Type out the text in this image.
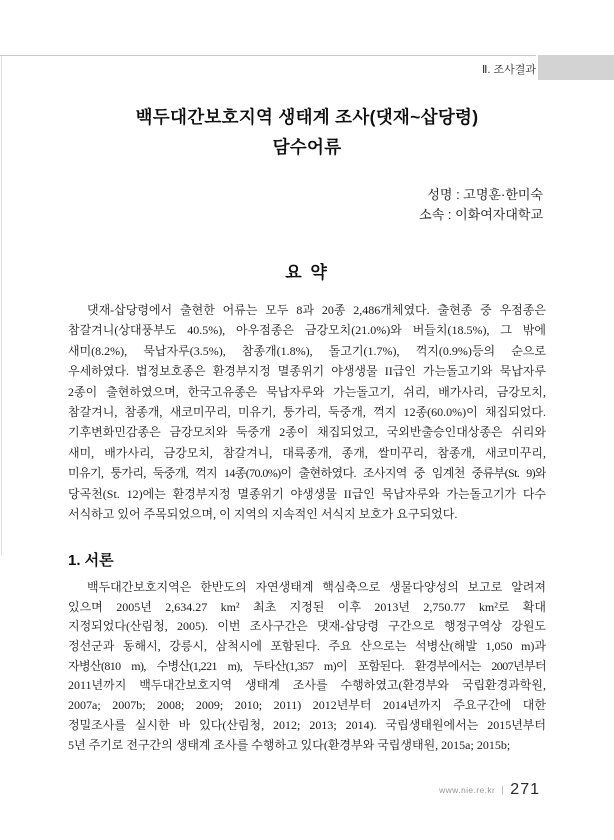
Ⅱ. 조사결과
백두대간보호지역 생태계 조사(댓재~삽당령)
담수어류
성명 : 고명훈·한미숙
소속 : 이화여자대학교
요 약
댓재-삽당령에서 출현한 어류는 모두 8과 20종 2,486개체였다. 출현종 중 우점종은
참갈겨니(상대풍부도 40.5%), 아우점종은 금강모치(21.0%)와 버들치(18.5%), 그 밖에
새미(8.2%), 묵납자루(3.5%), 참종개(1.8%), 돌고기(1.7%), 꺽지(0.9%)등의 순으로
우세하였다. 법정보호종은 환경부지정 멸종위기 야생생물 II급인 가는돌고기와 묵납자루
2종이 출현하였으며, 한국고유종은 묵납자루와 가는돌고기, 쉬리, 배가사리, 금강모치,
참갈겨니, 참종개, 새코미꾸리, 미유기, 퉁가리, 둑중개, 꺽지 12종(60.0%)이 채집되었다.
기후변화민감종은 금강모치와 둑중개 2종이 채집되었고, 국외반출승인대상종은 쉬리와
새미, 배가사리, 금강모치, 참갈겨니, 대륙종개, 종개, 쌀미꾸리, 참종개, 새코미꾸리,
미유기, 퉁가리, 둑중개, 꺽지 14종(70.0%)이 출현하였다. 조사지역 중 임계천 중류부(St. 9)와
당곡천(St. 12)에는 환경부지정 멸종위기 야생생물 II급인 묵납자루와 가는돌고기가 다수
서식하고 있어 주목되었으며, 이 지역의 지속적인 서식지 보호가 요구되었다.
1. 서론
백두대간보호지역은 한반도의 자연생태계 핵심축으로 생물다양성의 보고로 알려져
있으며 2005년 2,634.27 km² 최초 지정된 이후 2013년 2,750.77 km²로 확대
지정되었다(산림청, 2005). 이번 조사구간은 댓재-삽당령 구간으로 행정구역상 강원도
정선군과 동해시, 강릉시, 삼척시에 포함된다. 주요 산으로는 석병산(해발 1,050 m)과
자병산(810 m), 수병산(1,221 m), 두타산(1,357 m)이 포함된다. 환경부에서는 2007년부터
2011년까지 백두대간보호지역 생태계 조사를 수행하였고(환경부와 국립환경과학원,
2007a; 2007b; 2008; 2009; 2010; 2011) 2012년부터 2014년까지 주요구간에 대한
정밀조사를 실시한 바 있다(산림청, 2012; 2013; 2014). 국립생태원에서는 2015년부터
5년 주기로 전구간의 생태계 조사를 수행하고 있다(환경부와 국립생태원, 2015a; 2015b;
www.nie.re.kr 271
